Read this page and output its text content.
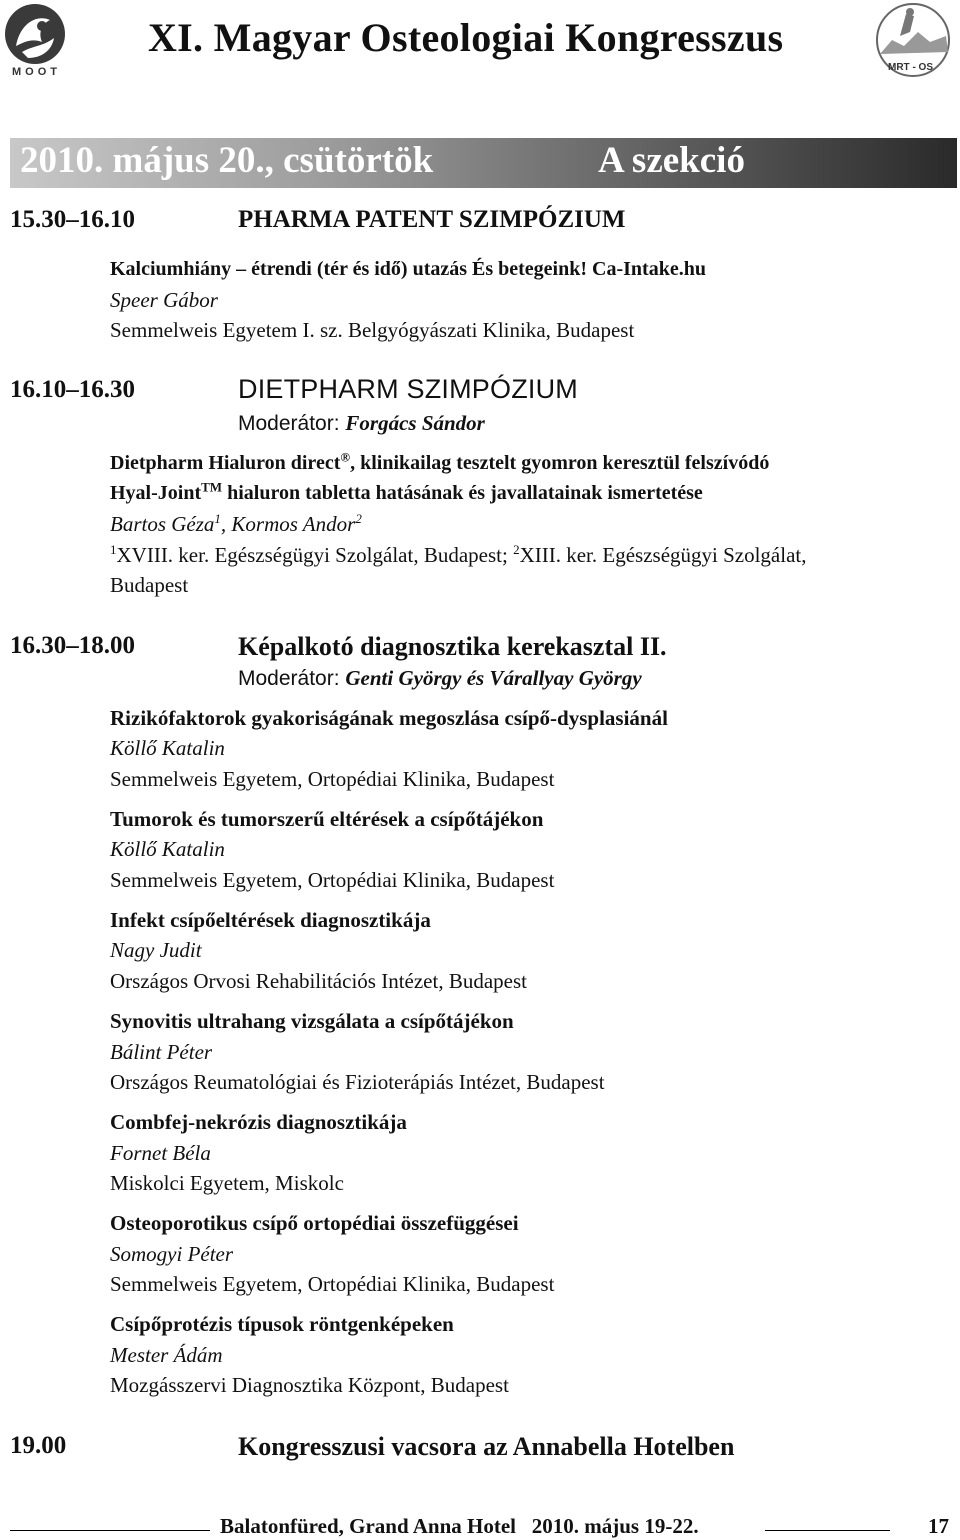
MOOT
XI. Magyar Osteologiai Kongresszus
MRT - OS
2010. május 20., csütörtök	A szekció
15.30–16.10	PHARMA PATENT SZIMPÓZIUM
Kalciumhiány – étrendi (tér és idő) utazás És betegeink! Ca-Intake.hu
Speer Gábor
Semmelweis Egyetem I. sz. Belgyógyászati Klinika, Budapest
16.10–16.30	DIETPHARM SZIMPÓZIUM
Moderátor: Forgács Sándor
Dietpharm Hialuron direct®, klinikailag tesztelt gyomron keresztül felszívódó
Hyal-Joint™ hialuron tabletta hatásának és javallatainak ismertetése
Bartos Géza$^1$, Kormos Andor$^2$
$^1$XVIII. ker. Egészségügyi Szolgálat, Budapest; $^2$XIII. ker. Egészségügyi Szolgálat,
Budapest
16.30–18.00	Képalkotó diagnosztika kerekasztal II.
Moderátor: Genti György és Várallyay György
Rizikófaktorok gyakoriságának megoszlása csípő-dysplasiánál
Köllő Katalin
Semmelweis Egyetem, Ortopédiai Klinika, Budapest
Tumorok és tumorszerű eltérések a csípőtájékon
Köllő Katalin
Semmelweis Egyetem, Ortopédiai Klinika, Budapest
Infekt csípőeltérések diagnosztikája
Nagy Judit
Országos Orvosi Rehabilitációs Intézet, Budapest
Synovitis ultrahang vizsgálata a csípőtájékon
Bálint Péter
Országos Reumatológiai és Fizioterápiás Intézet, Budapest
Combfej-nekrózis diagnosztikája
Fornet Béla
Miskolci Egyetem, Miskolc
Osteoporotikus csípő ortopédiai összefüggései
Somogyi Péter
Semmelweis Egyetem, Ortopédiai Klinika, Budapest
Csípőprotézis típusok röntgenképeken
Mester Ádám
Mozgásszervi Diagnosztika Központ, Budapest
19.00	Kongresszusi vacsora az Annabella Hotelben
Balatonfüred, Grand Anna Hotel   2010. május 19-22.	17
